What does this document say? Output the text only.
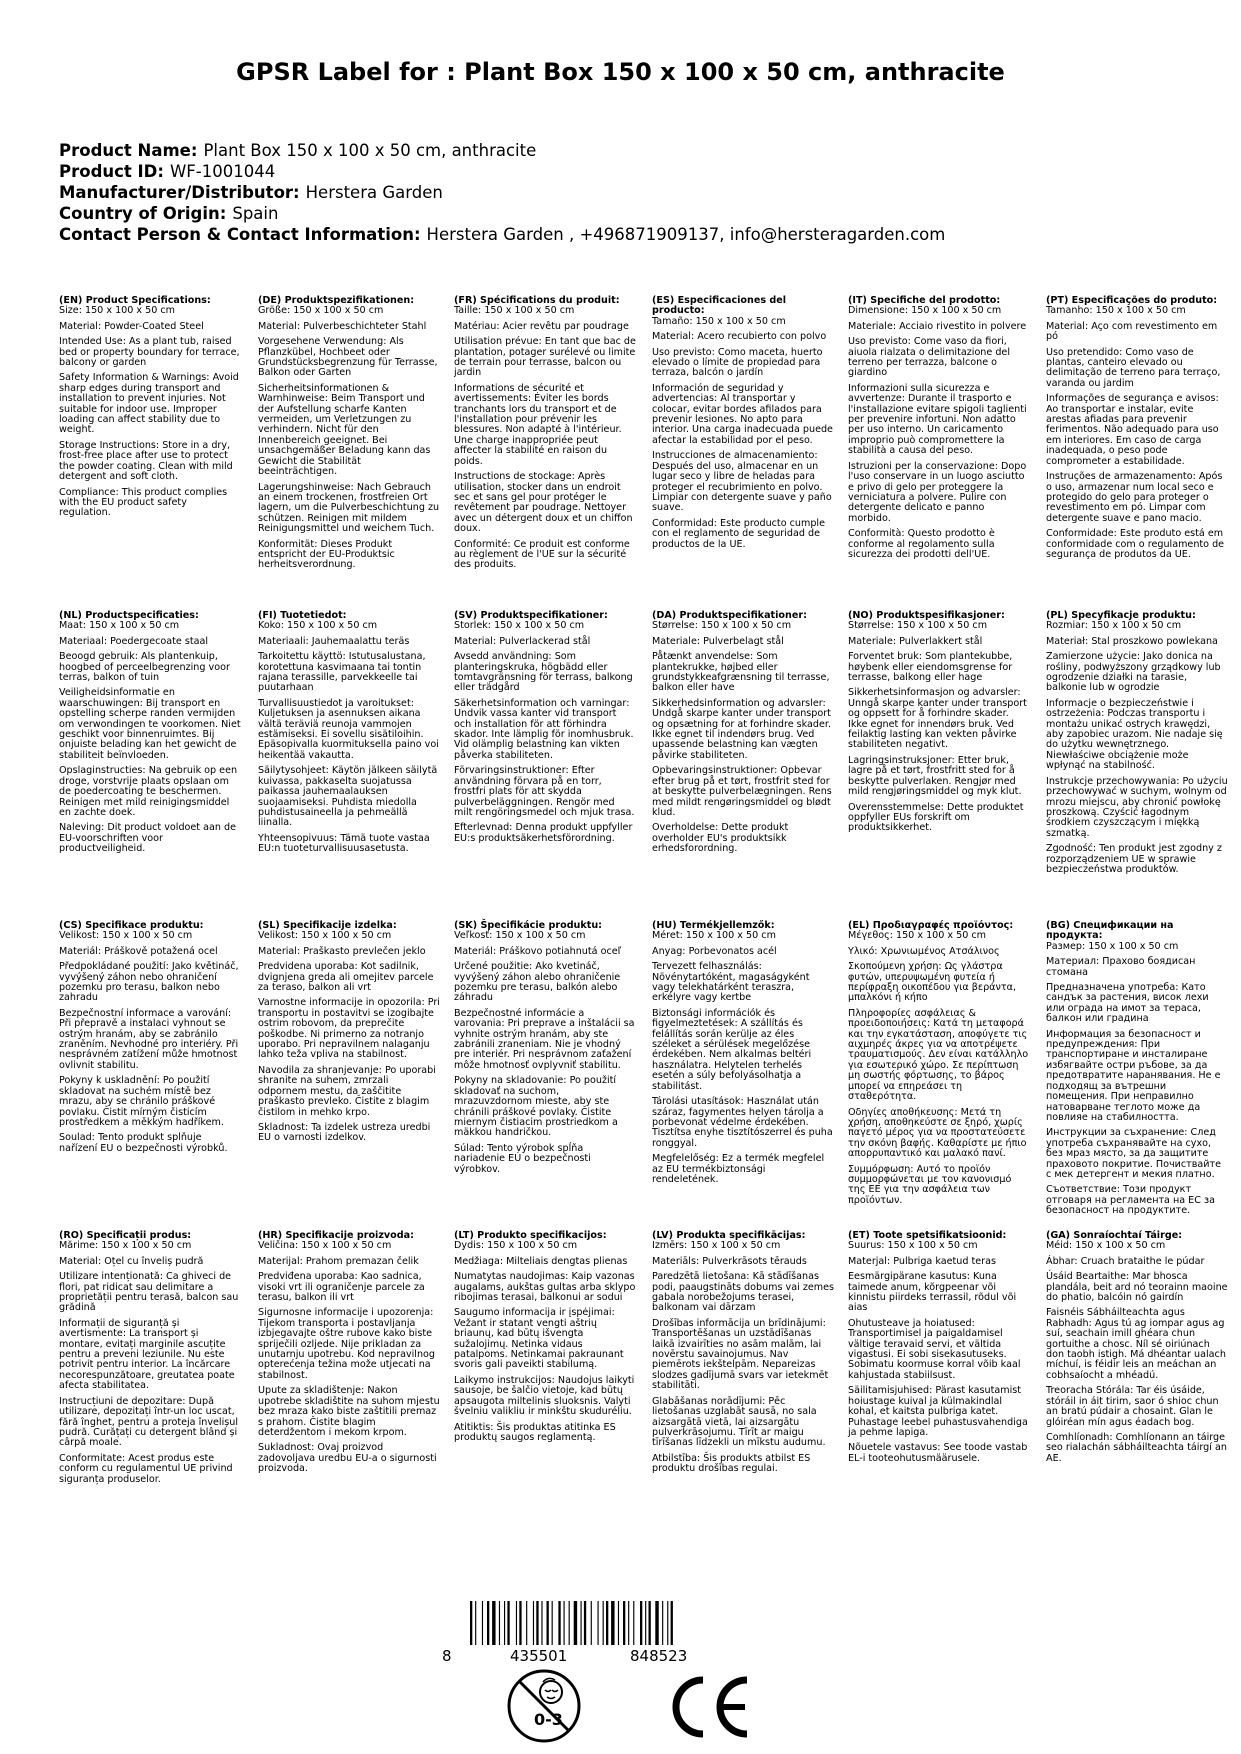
GPSR Label for : Plant Box 150 x 100 x 50 cm, anthracite
Product Name: Plant Box 150 x 100 x 50 cm, anthracite
Product ID: WF-1001044
Manufacturer/Distributor: Herstera Garden
Country of Origin: Spain
Contact Person & Contact Information: Herstera Garden , +496871909137, info@hersteragarden.com
(EN) Product Specifications:
Size: 150 x 100 x 50 cm
Material: Powder-Coated Steel
Intended Use: As a plant tub, raised bed or property boundary for terrace, balcony or garden
Safety Information & Warnings: Avoid sharp edges during transport and installation to prevent injuries. Not suitable for indoor use. Improper loading can affect stability due to weight.
Storage Instructions: Store in a dry, frost-free place after use to protect the powder coating. Clean with mild detergent and soft cloth.
Compliance: This product complies with the EU product safety regulation.
(DE) Produktspezifikationen:
Größe: 150 x 100 x 50 cm
Material: Pulverbeschichteter Stahl
Vorgesehene Verwendung: Als Pflanzkübel, Hochbeet oder Grundstücksbegrenzung für Terrasse, Balkon oder Garten
Sicherheitsinformationen & Warnhinweise: Beim Transport und der Aufstellung scharfe Kanten vermeiden, um Verletzungen zu verhindern. Nicht für den Innenbereich geeignet. Bei unsachgemäßer Beladung kann das Gewicht die Stabilität beeinträchtigen.
Lagerungshinweise: Nach Gebrauch an einem trockenen, frostfreien Ort lagern, um die Pulverbeschichtung zu schützen. Reinigen mit mildem Reinigungsmittel und weichem Tuch.
Konformität: Dieses Produkt entspricht der EU-Produktsic herheitsverordnung.
(FR) Spécifications du produit:
Taille: 150 x 100 x 50 cm
Matériau: Acier revêtu par poudrage
Utilisation prévue: En tant que bac de plantation, potager surélevé ou limite de terrain pour terrasse, balcon ou jardin
Informations de sécurité et avertissements: Éviter les bords tranchants lors du transport et de l'installation pour prévenir les blessures. Non adapté à l'intérieur. Une charge inappropriée peut affecter la stabilité en raison du poids.
Instructions de stockage: Après utilisation, stocker dans un endroit sec et sans gel pour protéger le revêtement par poudrage. Nettoyer avec un détergent doux et un chiffon doux.
Conformité: Ce produit est conforme au règlement de l'UE sur la sécurité des produits.
(ES) Especificaciones del producto:
Tamaño: 150 x 100 x 50 cm
Material: Acero recubierto con polvo
Uso previsto: Como maceta, huerto elevado o límite de propiedad para terraza, balcón o jardín
Información de seguridad y advertencias: Al transportar y colocar, evitar bordes afilados para prevenir lesiones. No apto para interior. Una carga inadecuada puede afectar la estabilidad por el peso.
Instrucciones de almacenamiento: Después del uso, almacenar en un lugar seco y libre de heladas para proteger el recubrimiento en polvo. Limpiar con detergente suave y paño suave.
Conformidad: Este producto cumple con el reglamento de seguridad de productos de la UE.
(IT) Specifiche del prodotto:
Dimensione: 150 x 100 x 50 cm
Materiale: Acciaio rivestito in polvere
Uso previsto: Come vaso da fiori, aiuola rialzata o delimitazione del terreno per terrazza, balcone o giardino
Informazioni sulla sicurezza e avvertenze: Durante il trasporto e l'installazione evitare spigoli taglienti per prevenire infortuni. Non adatto per uso interno. Un caricamento improprio può compromettere la stabilità a causa del peso.
Istruzioni per la conservazione: Dopo l'uso conservare in un luogo asciutto e privo di gelo per proteggere la verniciatura a polvere. Pulire con detergente delicato e panno morbido.
Conformità: Questo prodotto è conforme al regolamento sulla sicurezza dei prodotti dell'UE.
(PT) Especificações do produto:
Tamanho: 150 x 100 x 50 cm
Material: Aço com revestimento em pó
Uso pretendido: Como vaso de plantas, canteiro elevado ou delimitação de terreno para terraço, varanda ou jardim
Informações de segurança e avisos: Ao transportar e instalar, evite arestas afiadas para prevenir ferimentos. Não adequado para uso em interiores. Em caso de carga inadequada, o peso pode comprometer a estabilidade.
Instruções de armazenamento: Após o uso, armazenar num local seco e protegido do gelo para proteger o revestimento em pó. Limpar com detergente suave e pano macio.
Conformidade: Este produto está em conformidade com o regulamento de segurança de produtos da UE.
(NL) Productspecificaties:
Maat: 150 x 100 x 50 cm
Materiaal: Poedergecoate staal
Beoogd gebruik: Als plantenkuip, hoogbed of perceelbegrenzing voor terras, balkon of tuin
Veiligheidsinformatie en waarschuwingen: Bij transport en opstelling scherpe randen vermijden om verwondingen te voorkomen. Niet geschikt voor binnenruimtes. Bij onjuiste belading kan het gewicht de stabiliteit beïnvloeden.
Opslaginstructies: Na gebruik op een droge, vorstvrije plaats opslaan om de poedercoating te beschermen. Reinigen met mild reinigingsmiddel en zachte doek.
Naleving: Dit product voldoet aan de EU-voorschriften voor productveiligheid.
(FI) Tuotetiedot:
Koko: 150 x 100 x 50 cm
Materiaali: Jauhemaalattu teräs
Tarkoitettu käyttö: Istutusalustana, korotettuna kasvimaana tai tontin rajana terassille, parvekkeelle tai puutarhaan
Turvallisuustiedot ja varoitukset: Kuljetuksen ja asennuksen aikana vältä teräviä reunoja vammojen estämiseksi. Ei sovellu sisätiloihin. Epäsopivalla kuormituksella paino voi heikentää vakautta.
Säilytysohjeet: Käytön jälkeen säilytä kuivassa, pakkaselta suojatussa paikassa jauhemaalauksen suojaamiseksi. Puhdista miedolla puhdistusaineella ja pehmeällä liinalla.
Yhteensopivuus: Tämä tuote vastaa EU:n tuoteturvallisuusasetusta.
(SV) Produktspecifikationer:
Storlek: 150 x 100 x 50 cm
Material: Pulverlackerad stål
Avsedd användning: Som planteringskruka, högbädd eller tomtavgränsning för terrass, balkong eller trädgård
Säkerhetsinformation och varningar: Undvik vassa kanter vid transport och installation för att förhindra skador. Inte lämplig för inomhusbruk. Vid olämplig belastning kan vikten påverka stabiliteten.
Förvaringsinstruktioner: Efter användning förvara på en torr, frostfri plats för att skydda pulverbeläggningen. Rengör med milt rengöringsmedel och mjuk trasa.
Efterlevnad: Denna produkt uppfyller EU:s produktsäkerhetsförordning.
(DA) Produktspecifikationer:
Størrelse: 150 x 100 x 50 cm
Materiale: Pulverbelagt stål
Påtænkt anvendelse: Som plantekrukke, højbed eller grundstykkeafgrænsning til terrasse, balkon eller have
Sikkerhedsinformation og advarsler: Undgå skarpe kanter under transport og opsætning for at forhindre skader. Ikke egnet til indendørs brug. Ved upassende belastning kan vægten påvirke stabiliteten.
Opbevaringsinstruktioner: Opbevar efter brug på et tørt, frostfrit sted for at beskytte pulverbelægningen. Rens med mildt rengøringsmiddel og blødt klud.
Overholdelse: Dette produkt overholder EU's produktsikk erhedsforordning.
(NO) Produktspesifikasjoner:
Størrelse: 150 x 100 x 50 cm
Materiale: Pulverlakkert stål
Forventet bruk: Som plantekubbe, høybenk eller eiendomsgrense for terrasse, balkong eller hage
Sikkerhetsinformasjon og advarsler: Unngå skarpe kanter under transport og oppsett for å forhindre skader. Ikke egnet for innendørs bruk. Ved feilaktig lasting kan vekten påvirke stabiliteten negativt.
Lagringsinstruksjoner: Etter bruk, lagre på et tørt, frostfritt sted for å beskytte pulverlaken. Rengjør med mild rengjøringsmiddel og myk klut.
Overensstemmelse: Dette produktet oppfyller EUs forskrift om produktsikkerhet.
(PL) Specyfikacje produktu:
Rozmiar: 150 x 100 x 50 cm
Materiał: Stal proszkowo powlekana
Zamierzone użycie: Jako donica na rośliny, podwyższony grządkowy lub ogrodzenie działki na tarasie, balkonie lub w ogrodzie
Informacje o bezpieczeństwie i ostrzeżenia: Podczas transportu i montażu unikać ostrych krawędzi, aby zapobiec urazom. Nie nadaje się do użytku wewnętrznego. Niewłaściwe obciążenie może wpłynąć na stabilność.
Instrukcje przechowywania: Po użyciu przechowywać w suchym, wolnym od mrozu miejscu, aby chronić powłokę proszkową. Czyścić łagodnym środkiem czyszczącym i miękką szmatką.
Zgodność: Ten produkt jest zgodny z rozporządzeniem UE w sprawie bezpieczeństwa produktów.
(CS) Specifikace produktu:
Velikost: 150 x 100 x 50 cm
Materiál: Práškově potažená ocel
Předpokládané použití: Jako květináč, vyvýšený záhon nebo ohraničení pozemku pro terasu, balkon nebo zahradu
Bezpečnostní informace a varování: Při přepravě a instalaci vyhnout se ostrým hranám, aby se zabránilo zraněním. Nevhodné pro interiéry. Při nesprávném zatížení může hmotnost ovlivnit stabilitu.
Pokyny k uskladnění: Po použití skladovat na suchém místě bez mrazu, aby se chránilo práškové povlaku. Čistit mírným čisticím prostředkem a měkkým hadříkem.
Soulad: Tento produkt splňuje nařízení EU o bezpečnosti výrobků.
(SL) Specifikacije izdelka:
Velikost: 150 x 100 x 50 cm
Material: Praškasto prevlečen jeklo
Predvidena uporaba: Kot sadilnik, dvignjena greda ali omejitev parcele za teraso, balkon ali vrt
Varnostne informacije in opozorila: Pri transportu in postavitvi se izogibajte ostrim robovom, da preprečite poškodbe. Ni primerno za notranjo uporabo. Pri nepravilnem nalaganju lahko teža vpliva na stabilnost.
Navodila za shranjevanje: Po uporabi shranite na suhem, zmrzali odpornem mestu, da zaščitite praškasto prevleko. Čistite z blagim čistilom in mehko krpo.
Skladnost: Ta izdelek ustreza uredbi EU o varnosti izdelkov.
(SK) Špecifikácie produktu:
Veľkosť: 150 x 100 x 50 cm
Materiál: Práškovo potiahnutá oceľ
Určené použitie: Ako kvetináč, vyvýšený záhon alebo ohraničenie pozemku pre terasu, balkón alebo záhradu
Bezpečnostné informácie a varovania: Pri preprave a inštalácii sa vyhnite ostrým hranám, aby ste zabránili zraneniam. Nie je vhodný pre interiér. Pri nesprávnom zaťažení môže hmotnosť ovplyvniť stabilitu.
Pokyny na skladovanie: Po použití skladovať na suchom, mrazuvzdornom mieste, aby ste chránili práškové povlaky. Čistite miernym čistiacim prostriedkom a mäkkou handričkou.
Súlad: Tento výrobok spĺňa nariadenie EÚ o bezpečnosti výrobkov.
(HU) Termékjellemzők:
Méret: 150 x 100 x 50 cm
Anyag: Porbevonatos acél
Tervezett felhasználás: Növénytartóként, magaságyként vagy telekhatárként teraszra, erkélyre vagy kertbe
Biztonsági információk és figyelmeztetések: A szállítás és felállítás során kerülje az éles széleket a sérülések megelőzése érdekében. Nem alkalmas beltéri használatra. Helytelen terhelés esetén a súly befolyásolhatja a stabilitást.
Tárolási utasítások: Használat után száraz, fagymentes helyen tárolja a porbevonat védelme érdekében. Tisztítsa enyhe tisztítószerrel és puha ronggyal.
Megfelelőség: Ez a termék megfelel az EU termékbiztonsági rendeletének.
(EL) Προδιαγραφές προϊόντος:
Μέγεθος: 150 x 100 x 50 cm
Υλικό: Χρωνιωμένος Ατσάλινος
Σκοπούμενη χρήση: Ως γλάστρα φυτών, υπερυψωμένη φυτεία ή περίφραξη οικοπέδου για βεράντα, μπαλκόνι ή κήπο
Πληροφορίες ασφάλειας & προειδοποιήσεις: Κατά τη μεταφορά και την εγκατάσταση, αποφύγετε τις αιχμηρές άκρες για να αποτρέψετε τραυματισμούς. Δεν είναι κατάλληλο για εσωτερικό χώρο. Σε περίπτωση μη σωστής φόρτωσης, το βάρος μπορεί να επηρεάσει τη σταθερότητα.
Οδηγίες αποθήκευσης: Μετά τη χρήση, αποθηκεύστε σε ξηρό, χωρίς παγετό μέρος για να προστατεύσετε την σκόνη βαφής. Καθαρίστε με ήπιο απορρυπαντικό και μαλακό πανί.
Συμμόρφωση: Αυτό το προϊόν συμμορφώνεται με τον κανονισμό της ΕΕ για την ασφάλεια των προϊόντων.
(BG) Спецификации на продукта:
Размер: 150 x 100 x 50 cm
Материал: Прахово боядисан стомана
Предназначена употреба: Като сандък за растения, висок лехи или ограда на имот за тераса, балкон или градина
Информация за безопасност и предупреждения: При транспортиране и инсталиране избягвайте остри ръбове, за да предотвратите наранявания. Не е подходящ за вътрешни помещения. При неправилно натоварване теглото може да повлияе на стабилността.
Инструкции за съхранение: След употреба съхранявайте на сухо, без мраз място, за да защитите праховото покритие. Почиствайте с мек детергент и мекия платно.
Съответствие: Този продукт отговаря на регламента на ЕС за безопасност на продуктите.
(RO) Specificații produs:
Mărime: 150 x 100 x 50 cm
Material: Oțel cu înveliș pudră
Utilizare intenționată: Ca ghiveci de flori, pat ridicat sau delimitare a proprietății pentru terasă, balcon sau grădină
Informații de siguranță și avertismente: La transport și montare, evitați marginile ascuțite pentru a preveni leziunile. Nu este potrivit pentru interior. La încărcare necorespunzătoare, greutatea poate afecta stabilitatea.
Instrucțiuni de depozitare: După utilizare, depozitați într-un loc uscat, fără înghet, pentru a proteja învelișul pudră. Curățați cu detergent blând și cârpă moale.
Conformitate: Acest produs este conform cu regulamentul UE privind siguranța produselor.
(HR) Specifikacije proizvoda:
Veličina: 150 x 100 x 50 cm
Materijal: Prahom premazan čelik
Predviđena uporaba: Kao sadnica, visoki vrt ili ograničenje parcele za terasu, balkon ili vrt
Sigurnosne informacije i upozorenja: Tijekom transporta i postavljanja izbjegavajte oštre rubove kako biste spriječili ozljede. Nije prikladan za unutarnju upotrebu. Kod nepravilnog opterećenja težina može utjecati na stabilnost.
Upute za skladištenje: Nakon upotrebe skladištite na suhom mjestu bez mraza kako biste zaštitili premaz s prahom. Čistite blagim deterdžentom i mekom krpom.
Sukladnost: Ovaj proizvod zadovoljava uredbu EU-a o sigurnosti proizvoda.
(LT) Produkto specifikacijos:
Dydis: 150 x 100 x 50 cm
Medžiaga: Milteliais dengtas plienas
Numatytas naudojimas: Kaip vazonas augalams, aukštas gultas arba sklypo ribojimas terasai, balkonui ar sodui
Saugumo informacija ir įspėjimai: Vežant ir statant vengti aštrių briaunų, kad būtų išvengta sužalojimų. Netinka vidaus patalpoms. Netinkamai pakraunant svoris gali paveikti stabilumą.
Laikymo instrukcijos: Naudojus laikyti sausoje, be šalčio vietoje, kad būtų apsaugota miltelinis sluoksnis. Valyti švelniu valikliu ir minkštu skuduréliu.
Atitiktis: Šis produktas atitinka ES produktų saugos reglamentą.
(LV) Produkta specifikācijas:
Izmērs: 150 x 100 x 50 cm
Materiāls: Pulverkrāsots tērauds
Paredzētā lietošana: Kā stādīšanas podi, paaugstināts dobums vai zemes gabala norobežojums terasei, balkonam vai dārzam
Drošības informācija un brīdinājumi: Transportēšanas un uzstādīšanas laikā izvairīties no asām malām, lai novērstu savainojumus. Nav piemērots iekštelpām. Nepareizas slodzes gadījumā svars var ietekmēt stabilitāti.
Glabāšanas norādījumi: Pēc lietošanas uzglabāt sausā, no sala aizsargātā vietā, lai aizsargātu pulverkrāsojumu. Tīrīt ar maigu tīrīšanas līdzekli un mīkstu audumu.
Atbilstība: Šis produkts atbilst ES produktu drošības regulai.
(ET) Toote spetsifikatsioonid:
Suurus: 150 x 100 x 50 cm
Materjal: Pulbriga kaetud teras
Eesmärgipärane kasutus: Kuna taimede anum, kõrgpeenar või kinnistu piirdeks terrassil, rõdul või aias
Ohutusteave ja hoiatused: Transportimisel ja paigaldamisel vältige teravaid servi, et vältida vigastusi. Ei sobi sisekasutuseks. Sobimatu koormuse korral võib kaal kahjustada stabiilsust.
Säilitamisjuhised: Pärast kasutamist hoiustage kuival ja külmakindlal kohal, et kaitsta pulbriga katet. Puhastage leebel puhastusvahendiga ja pehme lapiga.
Nõuetele vastavus: See toode vastab EL-i tooteohutusmäärusele.
(GA) Sonraíochtaí Táirge:
Méid: 150 x 100 x 50 cm
Ábhar: Cruach brataithe le púdar
Úsáid Beartaithe: Mar bhosca plandála, beit ard nó teorainn maoine do phatio, balcóin nó gairdín
Faisnéis Sábháilteachta agus Rabhadh: Agus tú ag iompar agus ag suí, seachain imill ghéara chun gortuithe a chosc. Níl sé oiriúnach don taobh istigh. Má dhéantar ualach míchuí, is féidir leis an meáchan an cobhsaíocht a mhéadú.
Treoracha Stórála: Tar éis úsáide, stóráil in áit tirim, saor ó shioc chun an bratú púdair a chosaint. Glan le glóiréan mín agus éadach bog.
Comhlíonadh: Comhlíonann an táirge seo rialachán sábháilteachta táirgí an AE.
8	435501	848523
0-3
